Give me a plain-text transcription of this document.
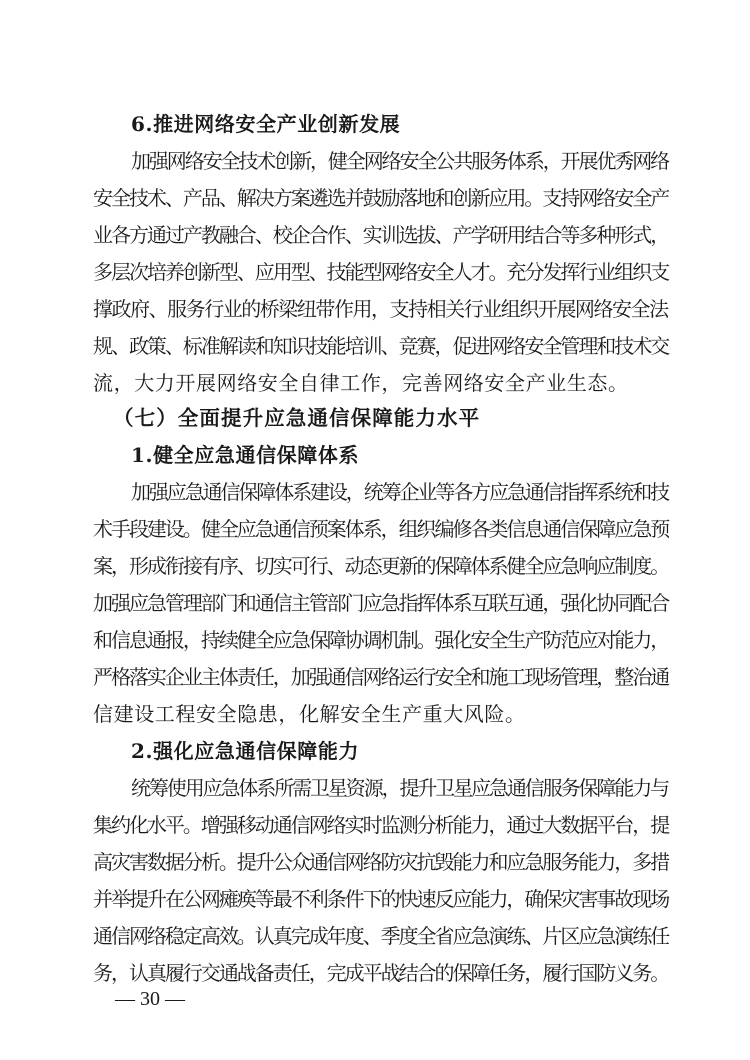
6.推进网络安全产业创新发展
加强网络安全技术创新，健全网络安全公共服务体系，开展优秀网络
安全技术、产品、解决方案遴选并鼓励落地和创新应用。支持网络安全产
业各方通过产教融合、校企合作、实训选拔、产学研用结合等多种形式，
多层次培养创新型、应用型、技能型网络安全人才。充分发挥行业组织支
撑政府、服务行业的桥梁纽带作用，支持相关行业组织开展网络安全法
规、政策、标准解读和知识技能培训、竞赛，促进网络安全管理和技术交
流，大力开展网络安全自律工作，完善网络安全产业生态。
（七）全面提升应急通信保障能力水平
1.健全应急通信保障体系
加强应急通信保障体系建设，统筹企业等各方应急通信指挥系统和技
术手段建设。健全应急通信预案体系，组织编修各类信息通信保障应急预
案，形成衔接有序、切实可行、动态更新的保障体系健全应急响应制度。
加强应急管理部门和通信主管部门应急指挥体系互联互通，强化协同配合
和信息通报，持续健全应急保障协调机制。强化安全生产防范应对能力，
严格落实企业主体责任，加强通信网络运行安全和施工现场管理，整治通
信建设工程安全隐患，化解安全生产重大风险。
2.强化应急通信保障能力
统筹使用应急体系所需卫星资源，提升卫星应急通信服务保障能力与
集约化水平。增强移动通信网络实时监测分析能力，通过大数据平台，提
高灾害数据分析。提升公众通信网络防灾抗毁能力和应急服务能力，多措
并举提升在公网瘫痪等最不利条件下的快速反应能力，确保灾害事故现场
通信网络稳定高效。认真完成年度、季度全省应急演练、片区应急演练任
务，认真履行交通战备责任，完成平战结合的保障任务，履行国防义务。
— 30 —
